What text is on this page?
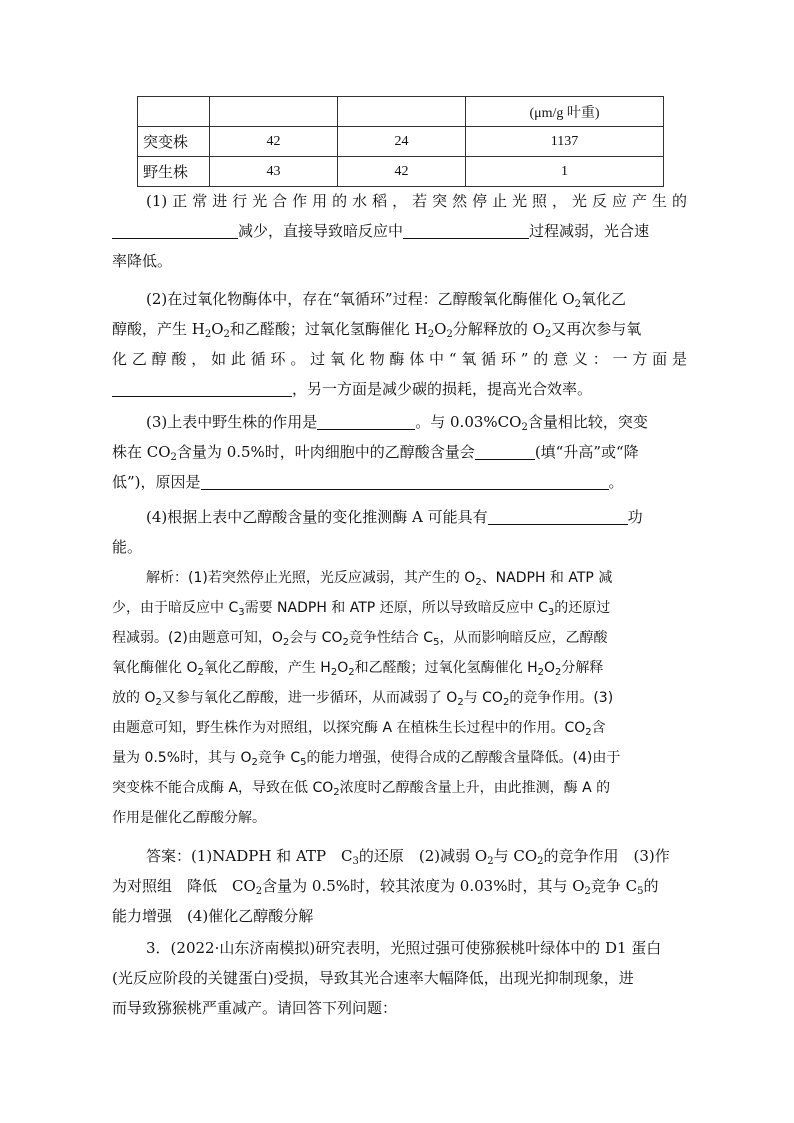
			(μm/g 叶重)
突变株	42	24	1137
野生株	43	42	1
(1)正常进行光合作用的水稻，若突然停止光照，光反应产生的
减少，直接导致暗反应中	过程减弱，光合速
率降低。
(2)在过氧化物酶体中，存在“氧循环”过程：乙醇酸氧化酶催化 $O_2$氧化乙
醇酸，产生 $H_2O_2$和乙醛酸；过氧化氢酶催化 $H_2O_2$分解释放的 $O_2$又再次参与氧
化乙醇酸，如此循环。过氧化物酶体中“氧循环”的意义：一方面是
，另一方面是减少碳的损耗，提高光合效率。
(3)上表中野生株的作用是	。与 $0.03\%CO_2$含量相比较，突变
株在 $CO_2$含量为 0.5%时，叶肉细胞中的乙醇酸含量会	(填“升高”或“降
低”)，原因是	。
(4)根据上表中乙醇酸含量的变化推测酶 A 可能具有	功
能。
解析：(1)若突然停止光照，光反应减弱，其产生的 $O_2$、NADPH 和 ATP 减
少，由于暗反应中 $C_3$需要 NADPH 和 ATP 还原，所以导致暗反应中 $C_3$的还原过
程减弱。(2)由题意可知，$O_2$会与 $CO_2$竞争性结合 $C_5$，从而影响暗反应，乙醇酸
氧化酶催化 $O_2$氧化乙醇酸，产生 $H_2O_2$和乙醛酸；过氧化氢酶催化 $H_2O_2$分解释
放的 $O_2$又参与氧化乙醇酸，进一步循环，从而减弱了 $O_2$与 $CO_2$的竞争作用。(3)
由题意可知，野生株作为对照组，以探究酶 A 在植株生长过程中的作用。$CO_2$含
量为 0.5%时，其与 $O_2$竞争 $C_5$的能力增强，使得合成的乙醇酸含量降低。(4)由于
突变株不能合成酶 A，导致在低 $CO_2$浓度时乙醇酸含量上升，由此推测，酶 A 的
作用是催化乙醇酸分解。
答案：(1)NADPH 和 ATP　$C_3$的还原　(2)减弱 $O_2$与 $CO_2$的竞争作用　(3)作
为对照组　降低　$CO_2$含量为 0.5%时，较其浓度为 0.03%时，其与 $O_2$竞争 $C_5$的
能力增强　(4)催化乙醇酸分解
3．(2022·山东济南模拟)研究表明，光照过强可使猕猴桃叶绿体中的 D1 蛋白
(光反应阶段的关键蛋白)受损，导致其光合速率大幅降低，出现光抑制现象，进
而导致猕猴桃严重减产。请回答下列问题：
